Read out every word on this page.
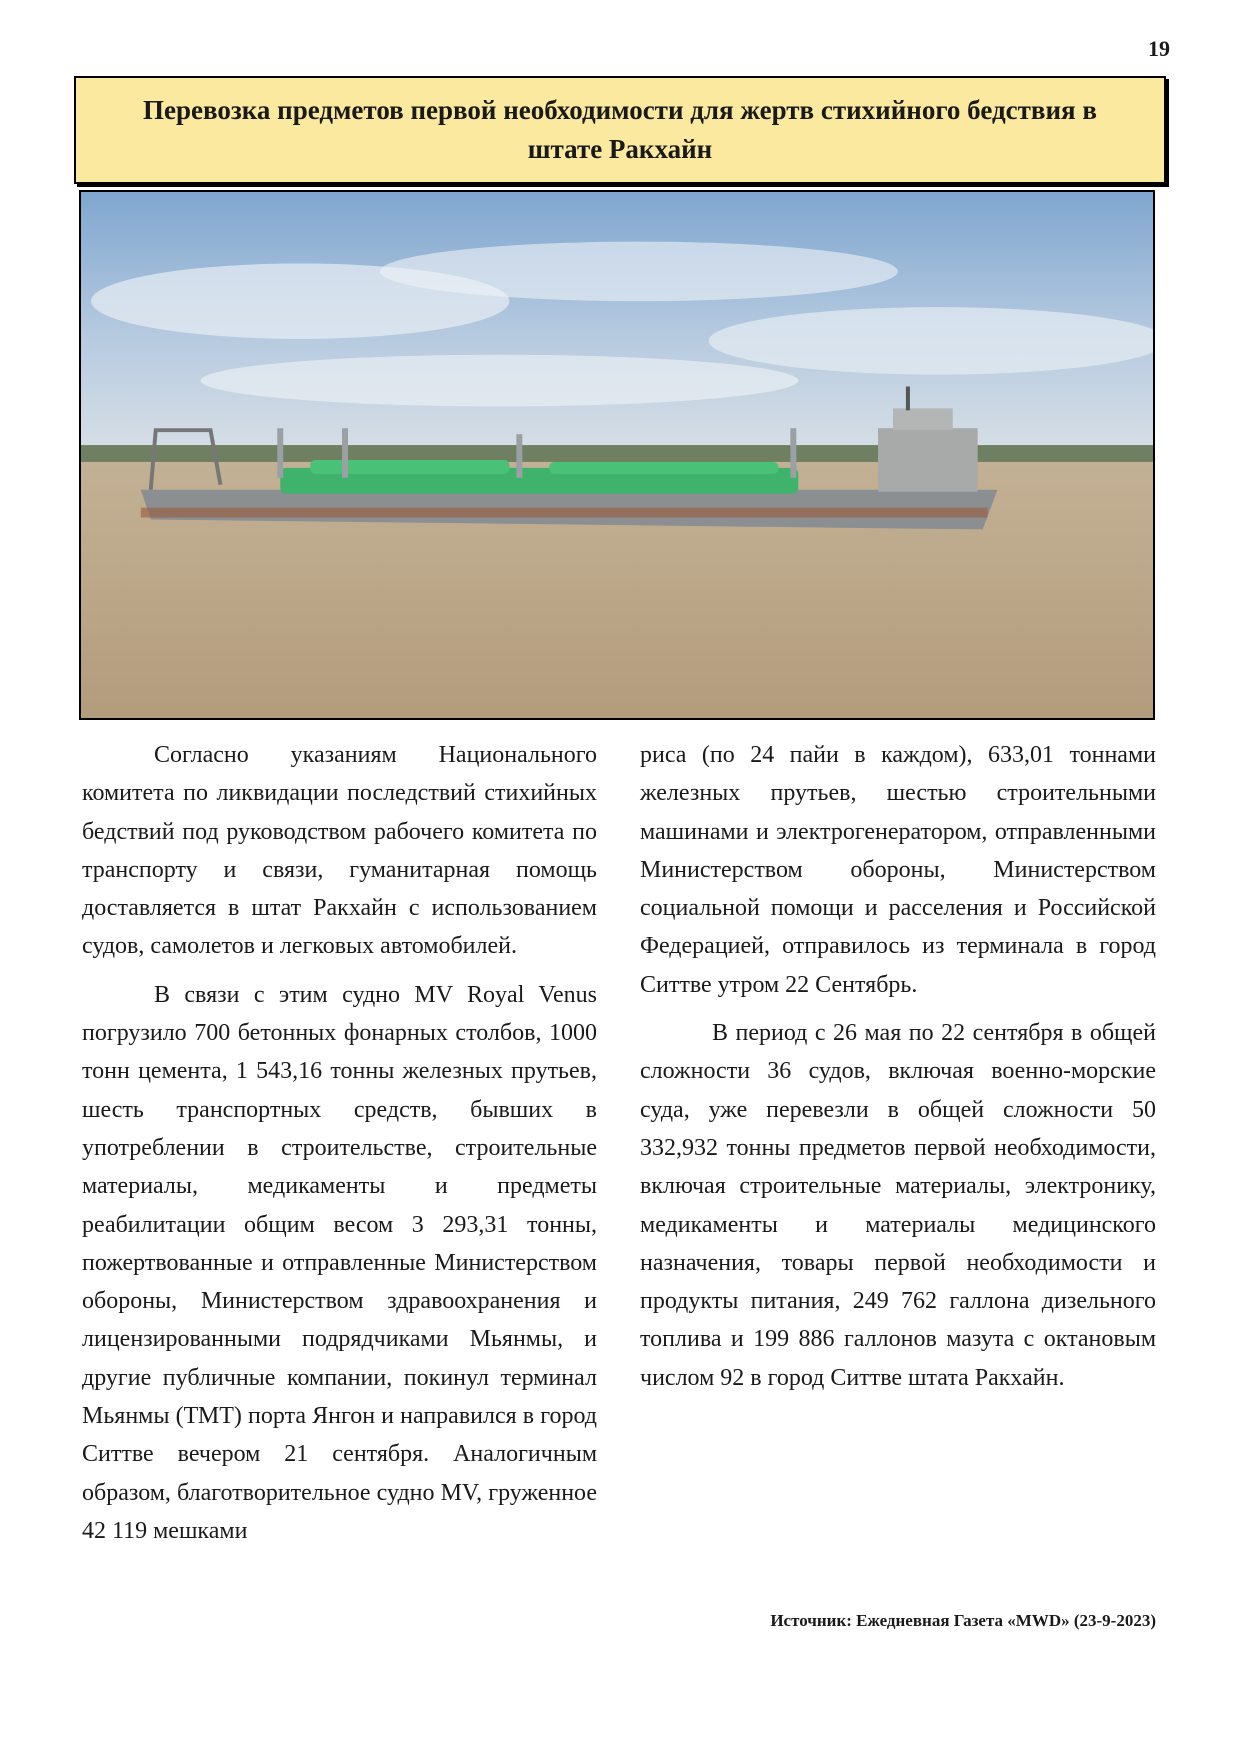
19
Перевозка предметов первой необходимости для жертв стихийного бедствия в штате Ракхайн

Согласно указаниям Национального комитета по ликвидации последствий стихийных бедствий под руководством рабочего комитета по транспорту и связи, гуманитарная помощь доставляется в штат Ракхайн с использованием судов, самолетов и легковых автомобилей.

В связи с этим судно MV Royal Venus погрузило 700 бетонных фонарных столбов, 1000 тонн цемента, 1 543,16 тонны железных прутьев, шесть транспортных средств, бывших в употреблении в строительстве, строительные материалы, медикаменты и предметы реабилитации общим весом 3 293,31 тонны, пожертвованные и отправленные Министерством обороны, Министерством здравоохранения и лицензированными подрядчиками Мьянмы, и другие публичные компании, покинул терминал Мьянмы (ТМТ) порта Янгон и направился в город Ситтве вечером 21 сентября. Аналогичным образом, благотворительное судно MV, груженное 42 119 мешками

риса (по 24 пайи в каждом), 633,01 тоннами железных прутьев, шестью строительными машинами и электрогенератором, отправленными Министерством обороны, Министерством социальной помощи и расселения и Российской Федерацией, отправилось из терминала в город Ситтве утром 22 Сентябрь.

В период с 26 мая по 22 сентября в общей сложности 36 судов, включая военно-морские суда, уже перевезли в общей сложности 50 332,932 тонны предметов первой необходимости, включая строительные материалы, электронику, медикаменты и материалы медицинского назначения, товары первой необходимости и продукты питания, 249 762 галлона дизельного топлива и 199 886 галлонов мазута с октановым числом 92 в город Ситтве штата Ракхайн.

Источник: Ежедневная Газета «MWD» (23-9-2023)
